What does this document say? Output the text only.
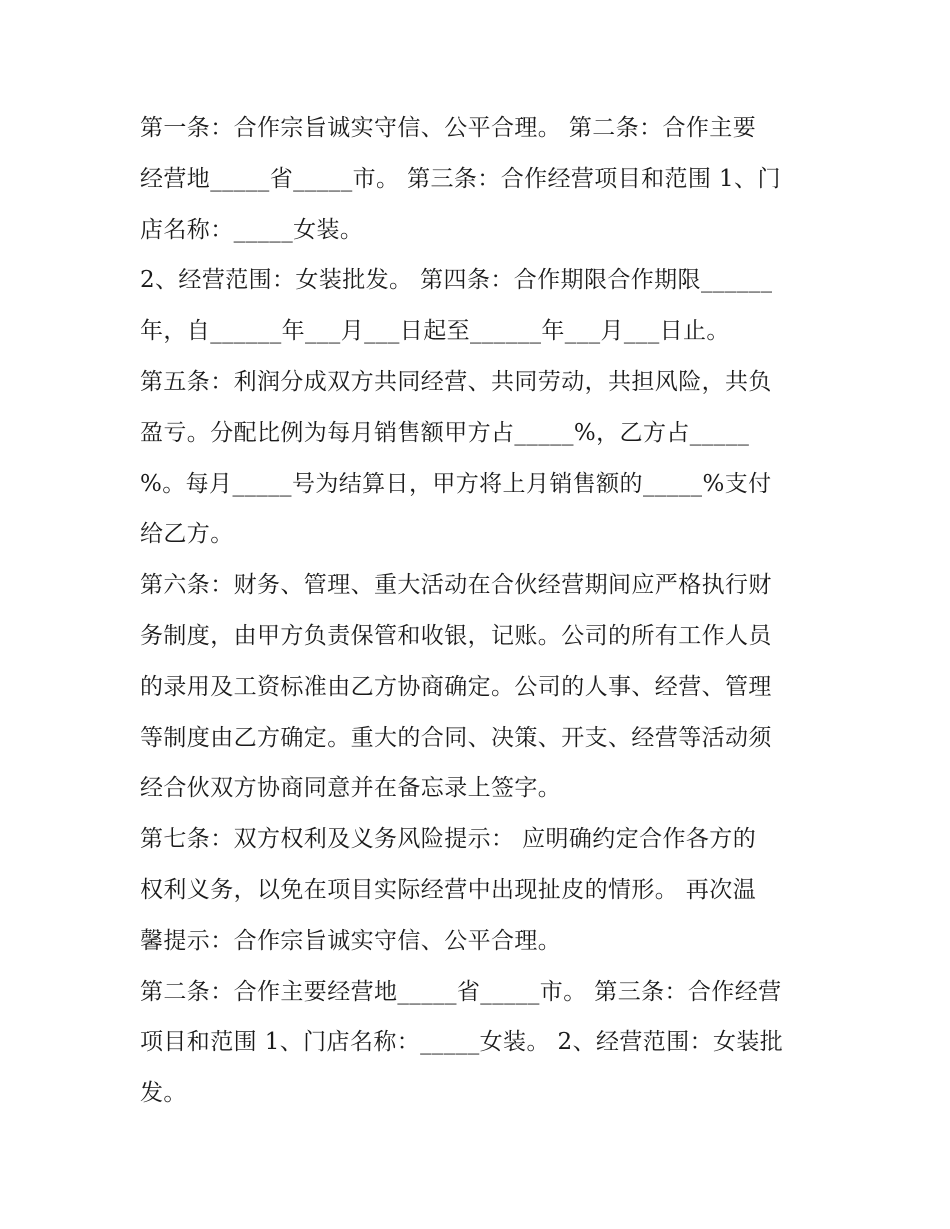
第一条：合作宗旨诚实守信、公平合理。 第二条：合作主要
经营地_____省_____市。 第三条：合作经营项目和范围 1、门
店名称：_____女装。
2、经营范围：女装批发。 第四条：合作期限合作期限______
年，自______年___月___日起至______年___月___日止。
第五条：利润分成双方共同经营、共同劳动，共担风险，共负
盈亏。分配比例为每月销售额甲方占_____%，乙方占_____
%。每月_____号为结算日，甲方将上月销售额的_____%支付
给乙方。
第六条：财务、管理、重大活动在合伙经营期间应严格执行财
务制度，由甲方负责保管和收银，记账。公司的所有工作人员
的录用及工资标准由乙方协商确定。公司的人事、经营、管理
等制度由乙方确定。重大的合同、决策、开支、经营等活动须
经合伙双方协商同意并在备忘录上签字。
第七条：双方权利及义务风险提示： 应明确约定合作各方的
权利义务，以免在项目实际经营中出现扯皮的情形。 再次温
馨提示：合作宗旨诚实守信、公平合理。
第二条：合作主要经营地_____省_____市。 第三条：合作经营
项目和范围 1、门店名称：_____女装。 2、经营范围：女装批
发。
